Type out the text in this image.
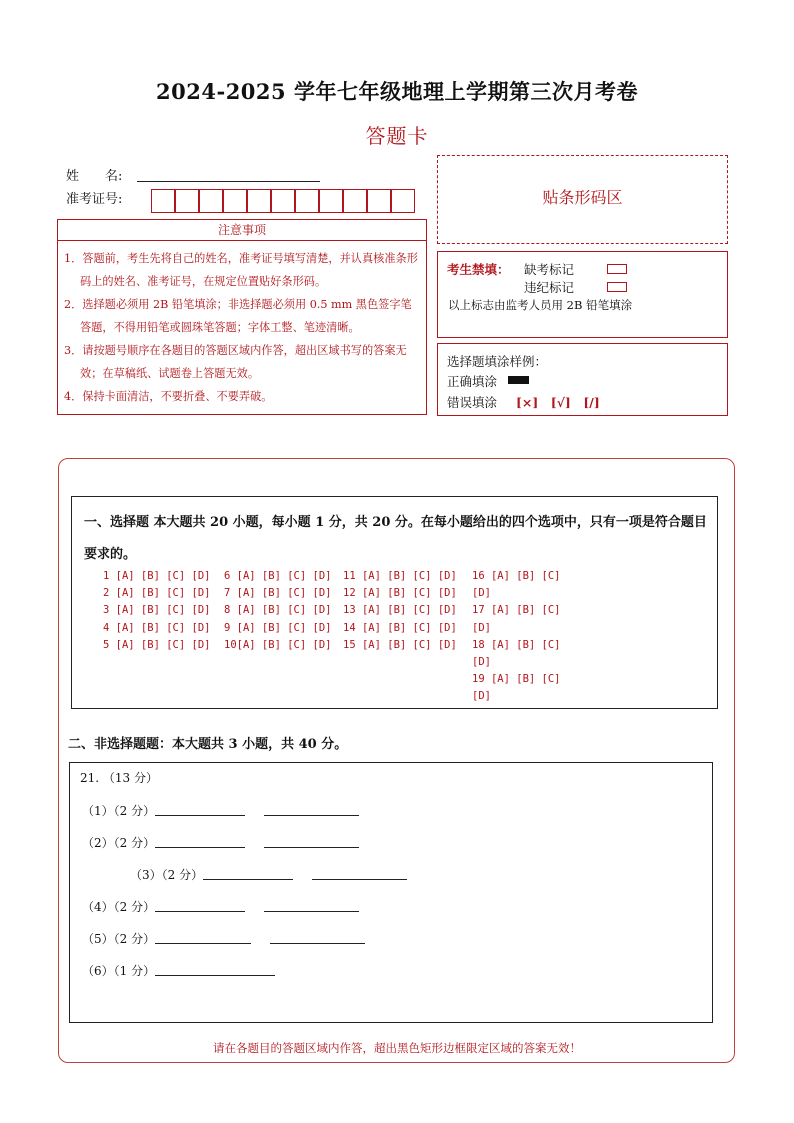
2024-2025 学年七年级地理上学期第三次月考卷
答题卡
姓　　名:
准考证号:
注意事项
1．答题前，考生先将自己的姓名，准考证号填写清楚，并认真核准条形码上的姓名、准考证号，在规定位置贴好条形码。
2．选择题必须用 2B 铅笔填涂；非选择题必须用 0.5 mm 黑色签字笔答题，不得用铅笔或圆珠笔答题；字体工整、笔迹清晰。
3．请按题号顺序在各题目的答题区域内作答，超出区域书写的答案无效；在草稿纸、试题卷上答题无效。
4．保持卡面清洁，不要折叠、不要弄破。
贴条形码区
考生禁填： 缺考标记
违纪标记
以上标志由监考人员用 2B 铅笔填涂
选择题填涂样例：
正确填涂
错误填涂 [×]　[√]　[/]
一、选择题 本大题共 20 小题，每小题 1 分，共 20 分。在每小题给出的四个选项中，只有一项是符合题目要求的。
1 [A] [B] [C] [D]
2 [A] [B] [C] [D]
3 [A] [B] [C] [D]
4 [A] [B] [C] [D]
5 [A] [B] [C] [D]
6 [A] [B] [C] [D]
7 [A] [B] [C] [D]
8 [A] [B] [C] [D]
9 [A] [B] [C] [D]
10[A] [B] [C] [D]
11 [A] [B] [C] [D]
12 [A] [B] [C] [D]
13 [A] [B] [C] [D]
14 [A] [B] [C] [D]
15 [A] [B] [C] [D]
16 [A] [B] [C]
[D]
17 [A] [B] [C]
[D]
18 [A] [B] [C]
[D]
19 [A] [B] [C]
[D]
二、非选择题题：本大题共 3 小题，共 40 分。
21. （13 分）
（1）（2 分）
（2）（2 分）
（3）（2 分）
（4）（2 分）
（5）（2 分）
（6）（1 分）
请在各题目的答题区域内作答，超出黑色矩形边框限定区域的答案无效！
